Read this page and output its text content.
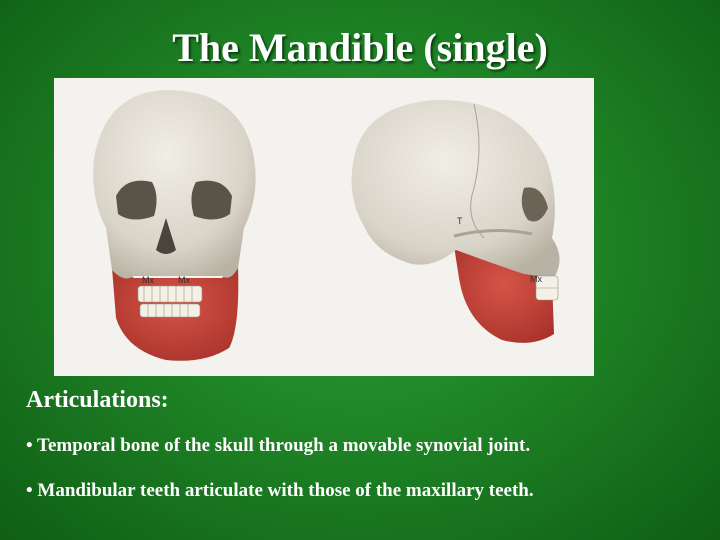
The Mandible (single)
Mx	Mx
T
Mx
Articulations:
• Temporal bone of the skull through a movable synovial joint.
• Mandibular teeth articulate with those of the maxillary teeth.
